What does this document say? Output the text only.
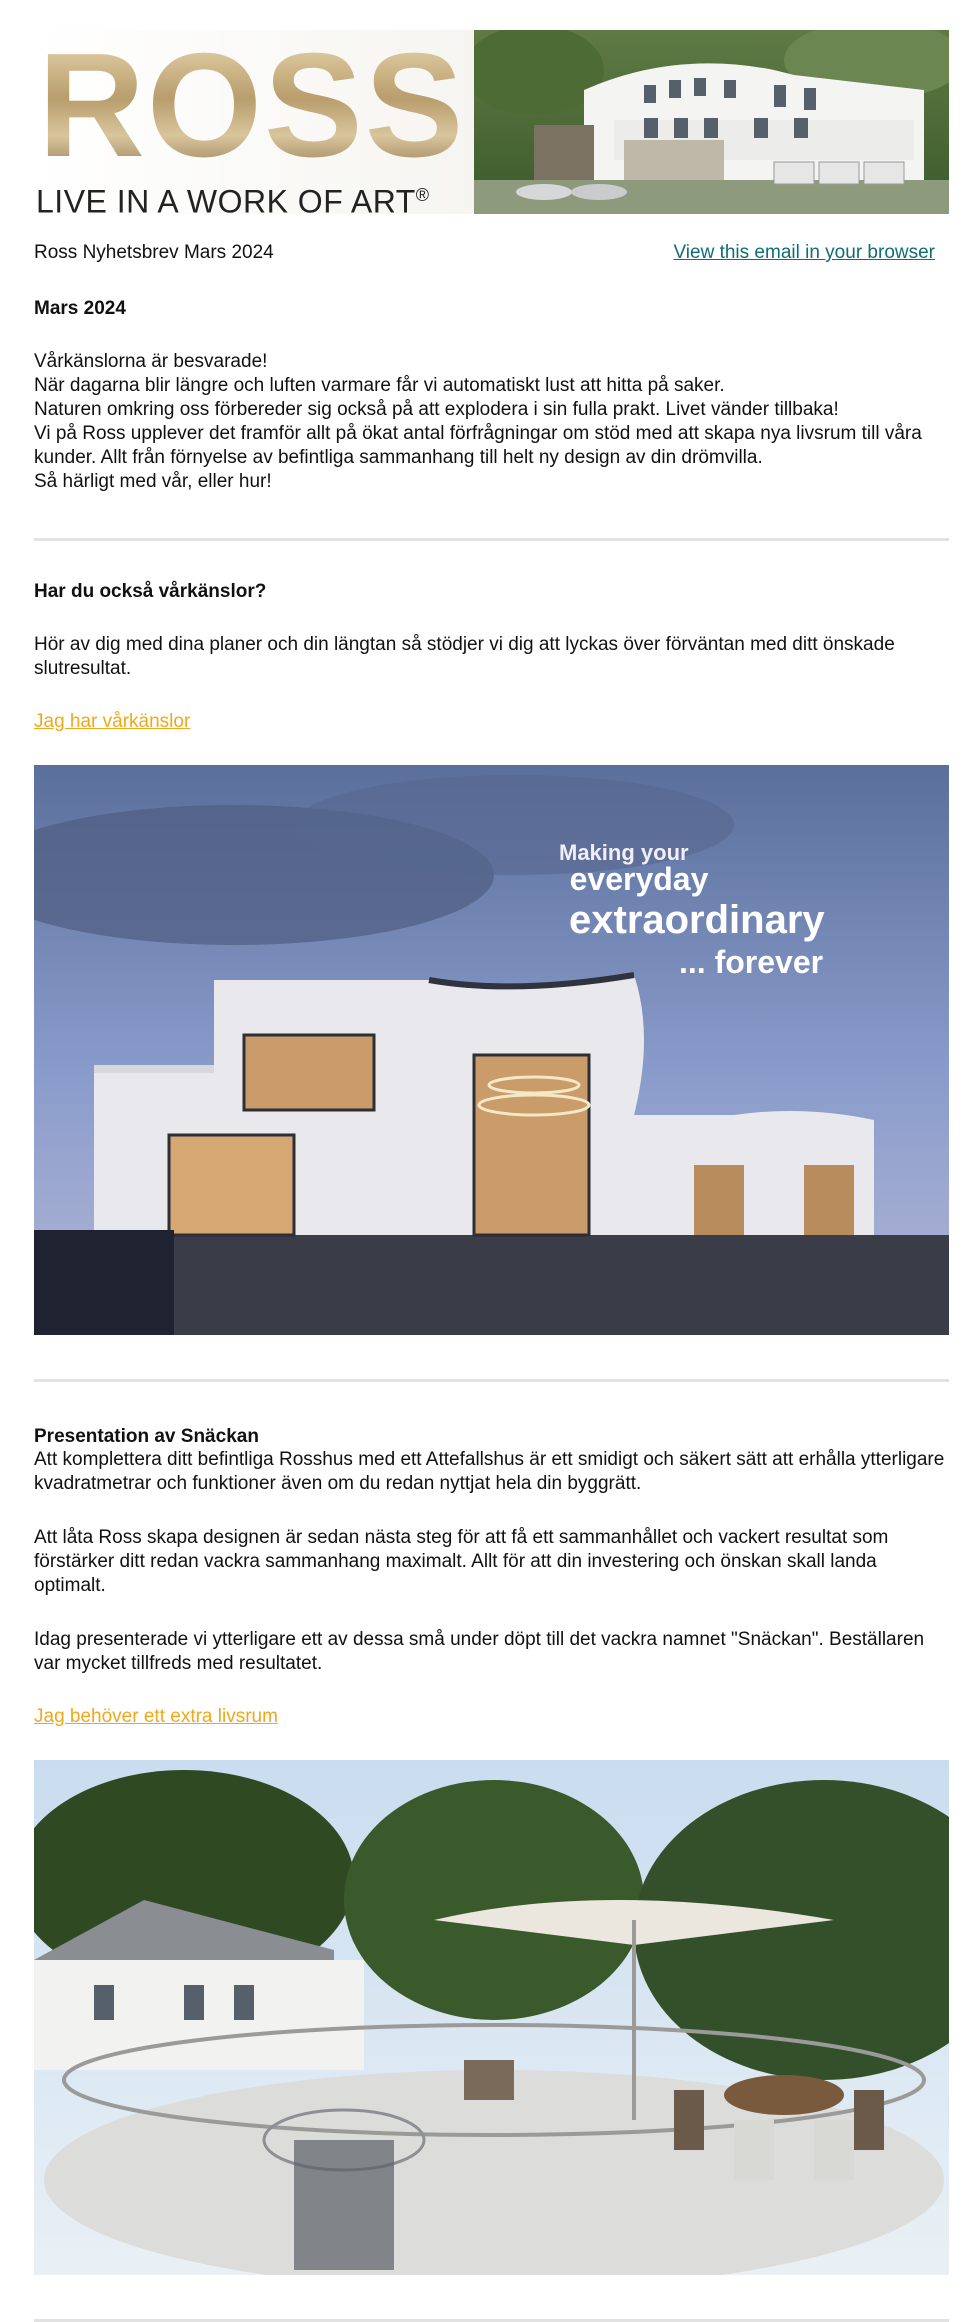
ROSS
LIVE IN A WORK OF ART®
Ross Nyhetsbrev Mars 2024	View this email in your browser
Mars 2024

Vårkänslorna är besvarade!

När dagarna blir längre och luften varmare får vi automatiskt lust att hitta på saker.

Naturen omkring oss förbereder sig också på att explodera i sin fulla prakt. Livet vänder tillbaka!

Vi på Ross upplever det framför allt på ökat antal förfrågningar om stöd med att skapa nya livsrum till våra kunder. Allt från förnyelse av befintliga sammanhang till helt ny design av din drömvilla.

Så härligt med vår, eller hur!

Har du också vårkänslor?

Hör av dig med dina planer och din längtan så stödjer vi dig att lyckas över förväntan med ditt önskade slutresultat.

Jag har vårkänslor
Making your
everyday
extraordinary
... forever
Presentation av Snäckan

Att komplettera ditt befintliga Rosshus med ett Attefallshus är ett smidigt och säkert sätt att erhålla ytterligare kvadratmetrar och funktioner även om du redan nyttjat hela din byggrätt.

Att låta Ross skapa designen är sedan nästa steg för att få ett sammanhållet och vackert resultat som förstärker ditt redan vackra sammanhang maximalt. Allt för att din investering och önskan skall landa optimalt.

Idag presenterade vi ytterligare ett av dessa små under döpt till det vackra namnet "Snäckan". Beställaren var mycket tillfreds med resultatet.

Jag behöver ett extra livsrum
